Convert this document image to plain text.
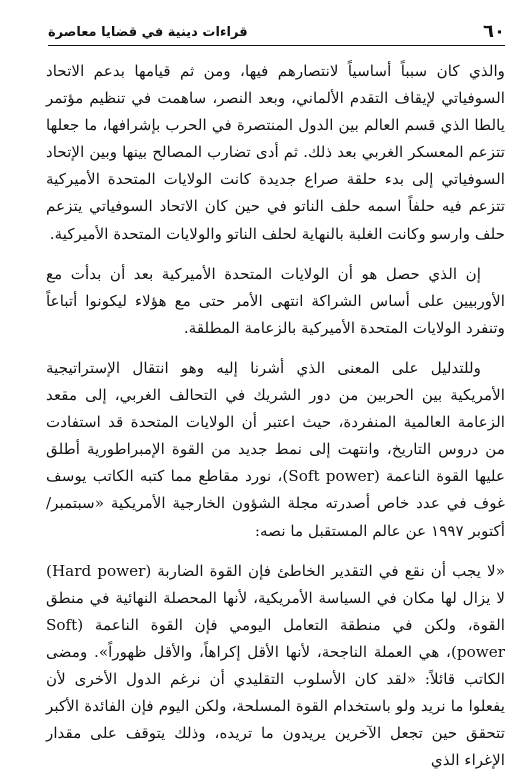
٦٠
قراءات دينية في قضايا معاصرة

والذي كان سبباً أساسياً لانتصارهم فيها، ومن ثم قيامها بدعم الاتحاد السوفياتي لإيقاف التقدم الألماني، وبعد النصر، ساهمت في تنظيم مؤتمر يالطا الذي قسم العالم بين الدول المنتصرة في الحرب بإشرافها، ما جعلها تتزعم المعسكر الغربي بعد ذلك. ثم أدى تضارب المصالح بينها وبين الإتحاد السوفياتي إلى بدء حلقة صراع جديدة كانت الولايات المتحدة الأميركية تتزعم فيه حلفاً اسمه حلف الناتو في حين كان الاتحاد السوفياتي يتزعم حلف وارسو وكانت الغلبة بالنهاية لحلف الناتو والولايات المتحدة الأميركية.

إن الذي حصل هو أن الولايات المتحدة الأميركية بعد أن بدأت مع الأوربيين على أساس الشراكة انتهى الأمر حتى مع هؤلاء ليكونوا أتباعاً وتنفرد الولايات المتحدة الأميركية بالزعامة المطلقة.

وللتدليل على المعنى الذي أشرنا إليه وهو انتقال الإستراتيجية الأمريكية بين الحربين من دور الشريك في التحالف الغربي، إلى مقعد الزعامة العالمية المنفردة، حيث اعتبر أن الولايات المتحدة قد استفادت من دروس التاريخ، وانتهت إلى نمط جديد من القوة الإمبراطورية أطلق عليها القوة الناعمة (Soft power)، نورد مقاطع مما كتبه الكاتب يوسف غوف في عدد خاص أصدرته مجلة الشؤون الخارجية الأمريكية «سبتمبر/ أكتوبر ١٩٩٧ عن عالم المستقبل ما نصه:

«لا يجب أن نقع في التقدير الخاطئ فإن القوة الضاربة (Hard power) لا يزال لها مكان في السياسة الأمريكية، لأنها المحصلة النهائية في منطق القوة، ولكن في منطقة التعامل اليومي فإن القوة الناعمة (Soft power)، هي العملة الناجحة، لأنها الأقل إكراهاً، والأقل ظهوراً». ومضى الكاتب قائلاً: «لقد كان الأسلوب التقليدي أن نرغم الدول الأخرى لأن يفعلوا ما نريد ولو باستخدام القوة المسلحة، ولكن اليوم فإن الفائدة الأكبر تتحقق حين تجعل الآخرين يريدون ما تريده، وذلك يتوقف على مقدار الإغراء الذي
